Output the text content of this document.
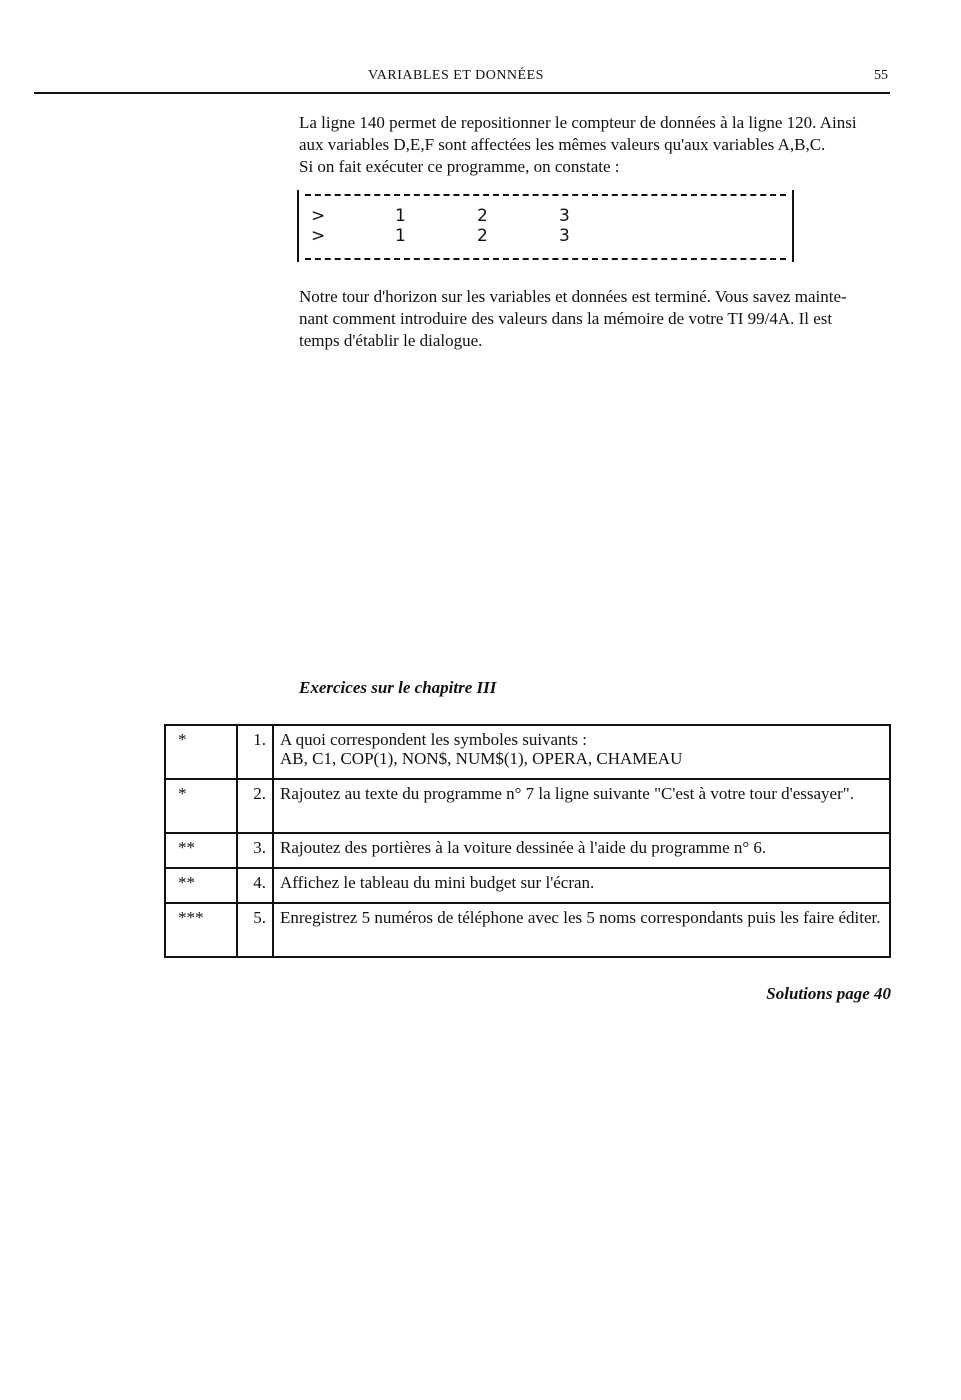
VARIABLES ET DONNÉES	55
La ligne 140 permet de repositionner le compteur de données à la ligne 120. Ainsi
aux variables D,E,F sont affectées les mêmes valeurs qu'aux variables A,B,C.
Si on fait exécuter ce programme, on constate :
>	1	2	3
>	1	2	3
Notre tour d'horizon sur les variables et données est terminé. Vous savez mainte-
nant comment introduire des valeurs dans la mémoire de votre TI 99/4A. Il est
temps d'établir le dialogue.
Exercices sur le chapitre III
*	1.	A quoi correspondent les symboles suivants :
AB, C1, COP(1), NON$, NUM$(1), OPERA, CHAMEAU
*	2.	Rajoutez au texte du programme n° 7 la ligne suivante "C'est à votre tour d'essayer".
**	3.	Rajoutez des portières à la voiture dessinée à l'aide du programme n° 6.
**	4.	Affichez le tableau du mini budget sur l'écran.
***	5.	Enregistrez 5 numéros de téléphone avec les 5 noms correspondants puis les faire éditer.
Solutions page 40
